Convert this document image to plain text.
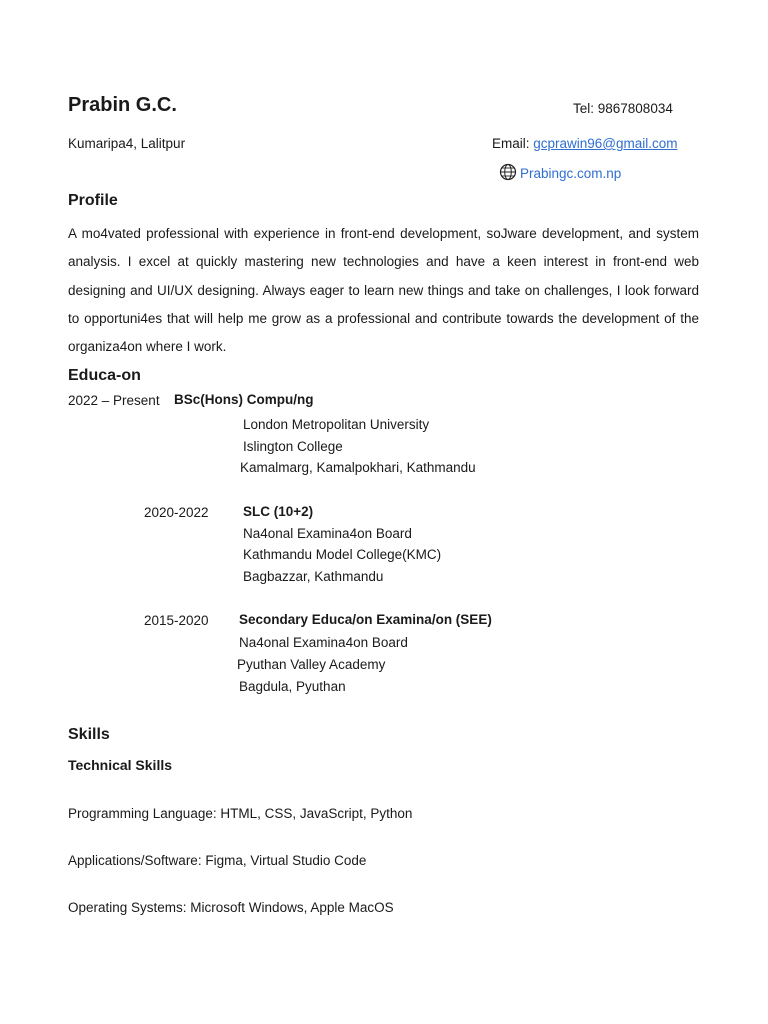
Prabin G.C.	Tel: 9867808034
Kumaripa4, Lalitpur	Email: gcprawin96@gmail.com
Prabingc.com.np
Profile
A mo4vated professional with experience in front-end development, soJware development, and system analysis. I excel at quickly mastering new technologies and have a keen interest in front-end web designing and UI/UX designing. Always eager to learn new things and take on challenges, I look forward to opportuni4es that will help me grow as a professional and contribute towards the development of the organiza4on where I work.
Educa-on
2022 – Present BSc(Hons) Compu/ng
London Metropolitan University
Islington College
Kamalmarg, Kamalpokhari, Kathmandu
2020-2022	SLC (10+2)
Na4onal Examina4on Board
Kathmandu Model College(KMC)
Bagbazzar, Kathmandu
2015-2020 Secondary Educa/on Examina/on (SEE)
Na4onal Examina4on Board
Pyuthan Valley Academy
Bagdula, Pyuthan
Skills
Technical Skills
Programming Language: HTML, CSS, JavaScript, Python
Applications/Software: Figma, Virtual Studio Code
Operating Systems: Microsoft Windows, Apple MacOS
